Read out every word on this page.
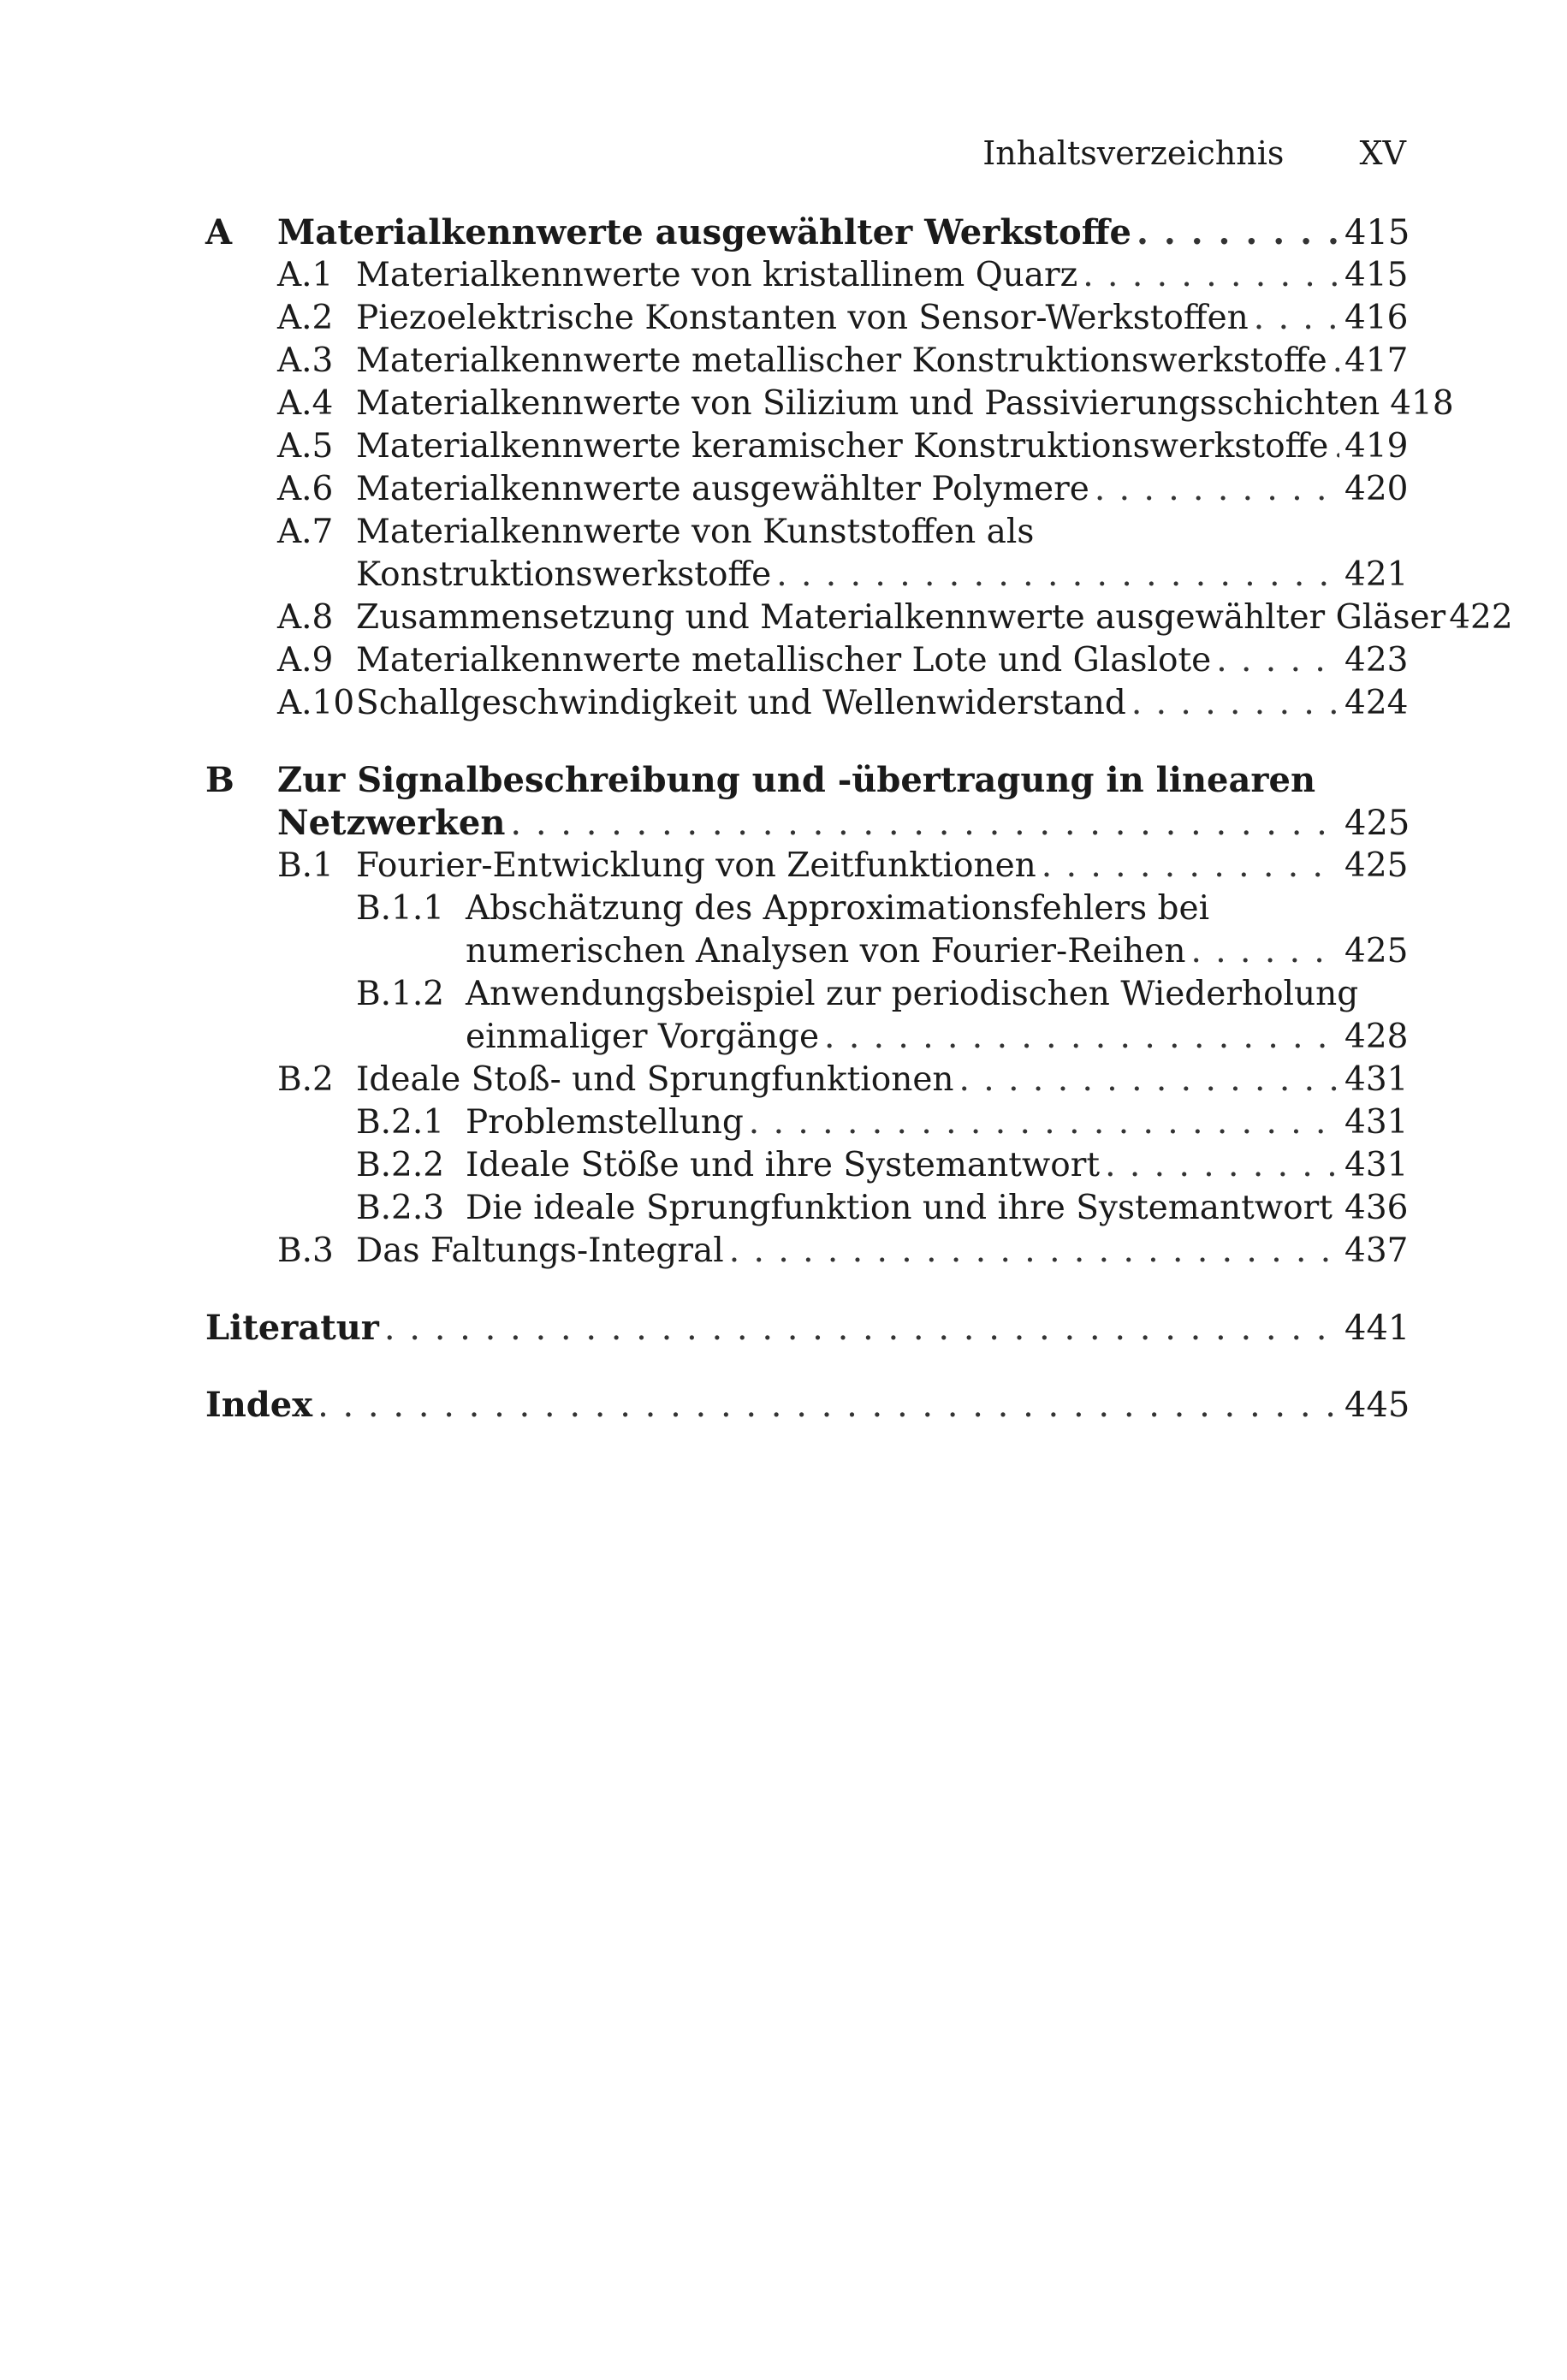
Inhaltsverzeichnis XV
A Materialkennwerte ausgewählter Werkstoffe . . .	415
A.1 Materialkennwerte von kristallinem Quarz . . .	415
A.2 Piezoelektrische Konstanten von Sensor-Werkstoffen . . .	416
A.3 Materialkennwerte metallischer Konstruktionswerkstoffe . . . 417
A.4 Materialkennwerte von Silizium und Passivierungsschichten 418
A.5 Materialkennwerte keramischer Konstruktionswerkstoffe . . . 419
A.6 Materialkennwerte ausgewählter Polymere . . .	420
A.7 Materialkennwerte von Kunststoffen als
Konstruktionswerkstoffe . . .	421
A.8 Zusammensetzung und Materialkennwerte ausgewählter Gläser 422
A.9 Materialkennwerte metallischer Lote und Glaslote . . .	423
A.10 Schallgeschwindigkeit und Wellenwiderstand . . .	424
B Zur Signalbeschreibung und -übertragung in linearen
Netzwerken . . .	425
B.1 Fourier-Entwicklung von Zeitfunktionen . . .	425
B.1.1 Abschätzung des Approximationsfehlers bei
numerischen Analysen von Fourier-Reihen . . .	425
B.1.2 Anwendungsbeispiel zur periodischen Wiederholung
einmaliger Vorgänge . . .	428
B.2 Ideale Stoß- und Sprungfunktionen . . .	431
B.2.1 Problemstellung . . .	431
B.2.2 Ideale Stöße und ihre Systemantwort . . .	431
B.2.3 Die ideale Sprungfunktion und ihre Systemantwort . . . 436
B.3 Das Faltungs-Integral . . .	437
Literatur . . .	441
Index . . .	445
